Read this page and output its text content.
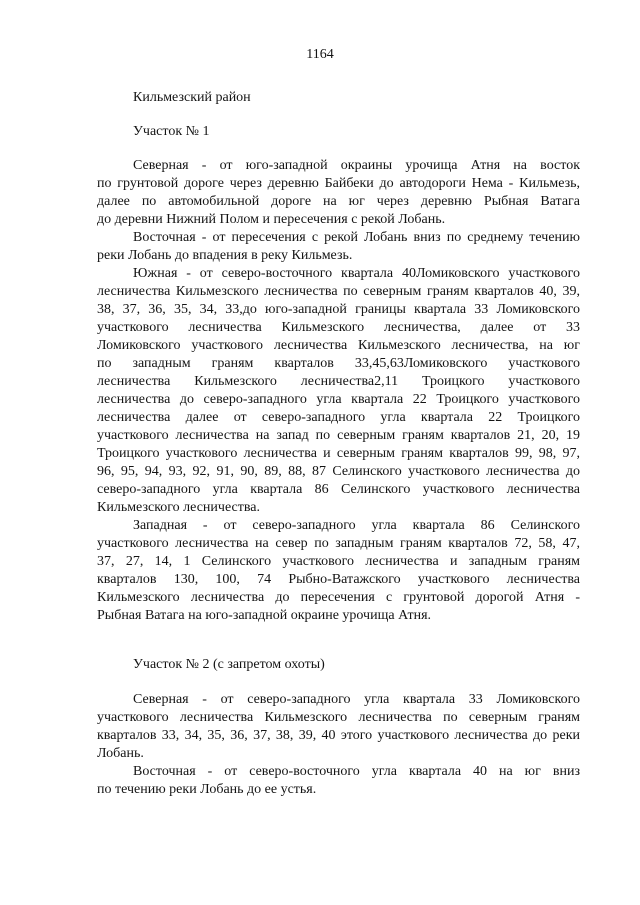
1164
Кильмезский район
Участок № 1
Северная - от юго-западной окраины урочища Атня на восток
по грунтовой дороге через деревню Байбеки до автодороги Нема - Кильмезь,
далее по автомобильной дороге на юг через деревню Рыбная Ватага
до деревни Нижний Полом и пересечения с рекой Лобань.
Восточная - от пересечения с рекой Лобань вниз по среднему течению
реки Лобань до впадения в реку Кильмезь.
Южная - от северо-восточного квартала 40Ломиковского участкового
лесничества Кильмезского лесничества по северным граням кварталов 40, 39,
38, 37, 36, 35, 34, 33,до юго-западной границы квартала 33 Ломиковского
участкового лесничества Кильмезского лесничества, далее от 33
Ломиковского участкового лесничества Кильмезского лесничества, на юг
по западным граням кварталов 33,45,63Ломиковского участкового
лесничества Кильмезского лесничества2,11 Троицкого участкового
лесничества до северо-западного угла квартала 22 Троицкого участкового
лесничества далее от северо-западного угла квартала 22 Троицкого
участкового лесничества на запад по северным граням кварталов 21, 20, 19
Троицкого участкового лесничества и северным граням кварталов 99, 98, 97,
96, 95, 94, 93, 92, 91, 90, 89, 88, 87 Селинского участкового лесничества до
северо-западного угла квартала 86 Селинского участкового лесничества
Кильмезского лесничества.
Западная - от северо-западного угла квартала 86 Селинского
участкового лесничества на север по западным граням кварталов 72, 58, 47,
37, 27, 14, 1 Селинского участкового лесничества и западным граням
кварталов 130, 100, 74 Рыбно-Ватажского участкового лесничества
Кильмезского лесничества до пересечения с грунтовой дорогой Атня -
Рыбная Ватага на юго-западной окраине урочища Атня.
Участок № 2 (с запретом охоты)
Северная - от северо-западного угла квартала 33 Ломиковского
участкового лесничества Кильмезского лесничества по северным граням
кварталов 33, 34, 35, 36, 37, 38, 39, 40 этого участкового лесничества до реки
Лобань.
Восточная - от северо-восточного угла квартала 40 на юг вниз
по течению реки Лобань до ее устья.
